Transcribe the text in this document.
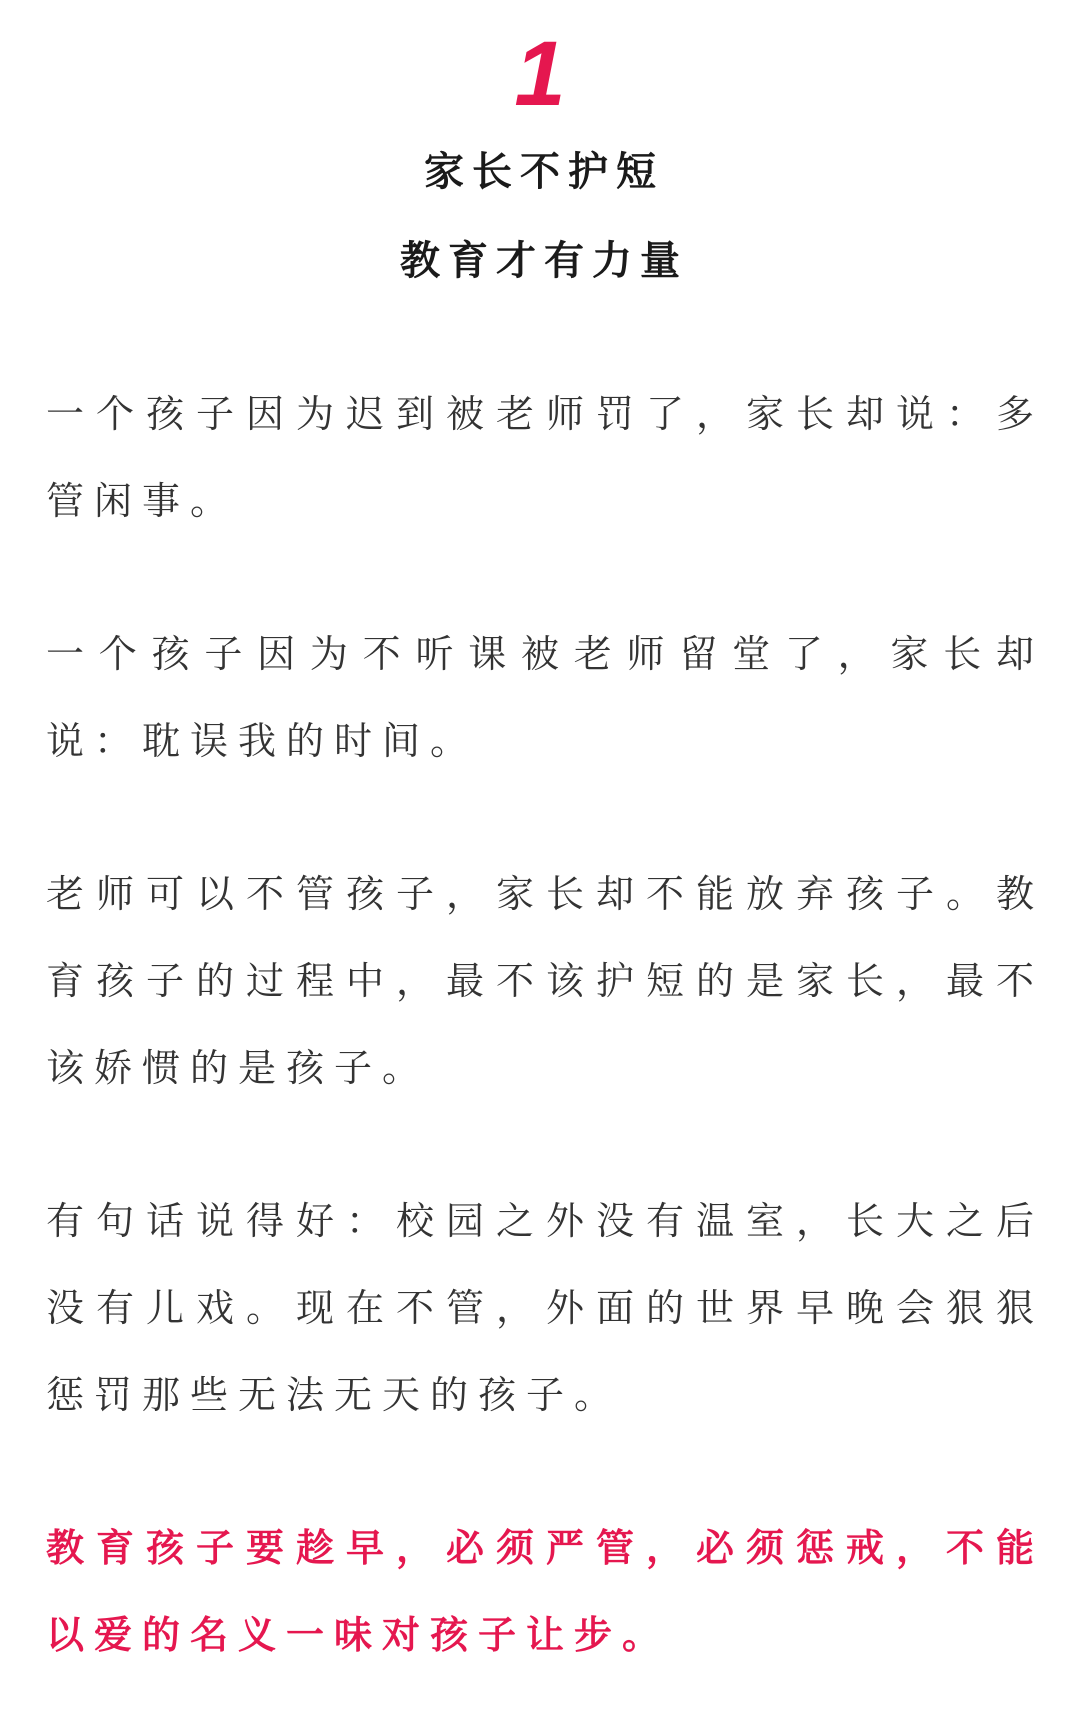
1
家长不护短
教育才有力量
一个孩子因为迟到被老师罚了，家长却说：多
管闲事。
一个孩子因为不听课被老师留堂了，家长却
说：耽误我的时间。
老师可以不管孩子，家长却不能放弃孩子。教
育孩子的过程中，最不该护短的是家长，最不
该娇惯的是孩子。
有句话说得好：校园之外没有温室，长大之后
没有儿戏。现在不管，外面的世界早晚会狠狠
惩罚那些无法无天的孩子。
教育孩子要趁早，必须严管，必须惩戒，不能
以爱的名义一味对孩子让步。
